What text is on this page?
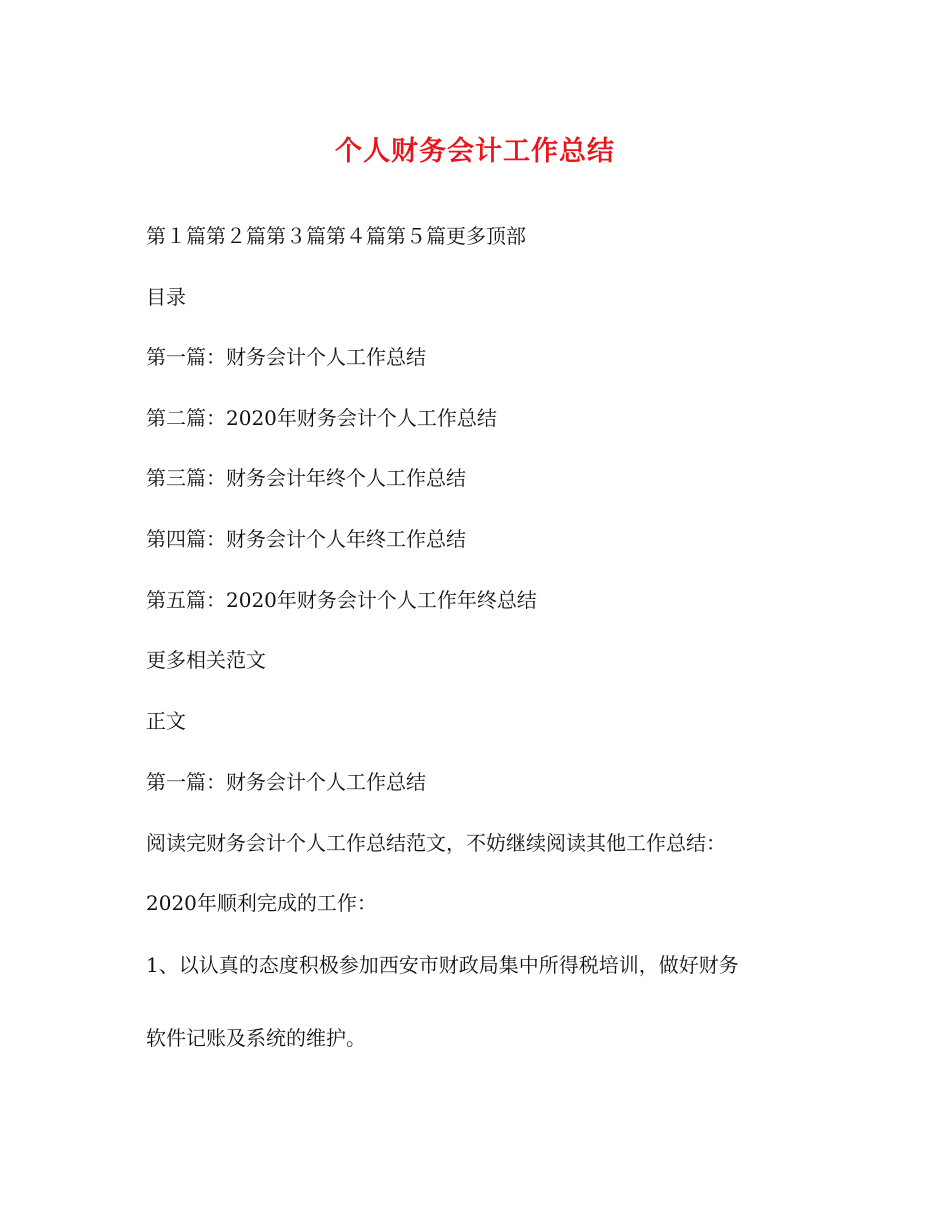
个人财务会计工作总结
第１篇第２篇第３篇第４篇第５篇更多顶部
目录
第一篇：财务会计个人工作总结
第二篇：2020年财务会计个人工作总结
第三篇：财务会计年终个人工作总结
第四篇：财务会计个人年终工作总结
第五篇：2020年财务会计个人工作年终总结
更多相关范文
正文
第一篇：财务会计个人工作总结
阅读完财务会计个人工作总结范文，不妨继续阅读其他工作总结：
2020年顺利完成的工作：
1、以认真的态度积极参加西安市财政局集中所得税培训，做好财务
软件记账及系统的维护。
